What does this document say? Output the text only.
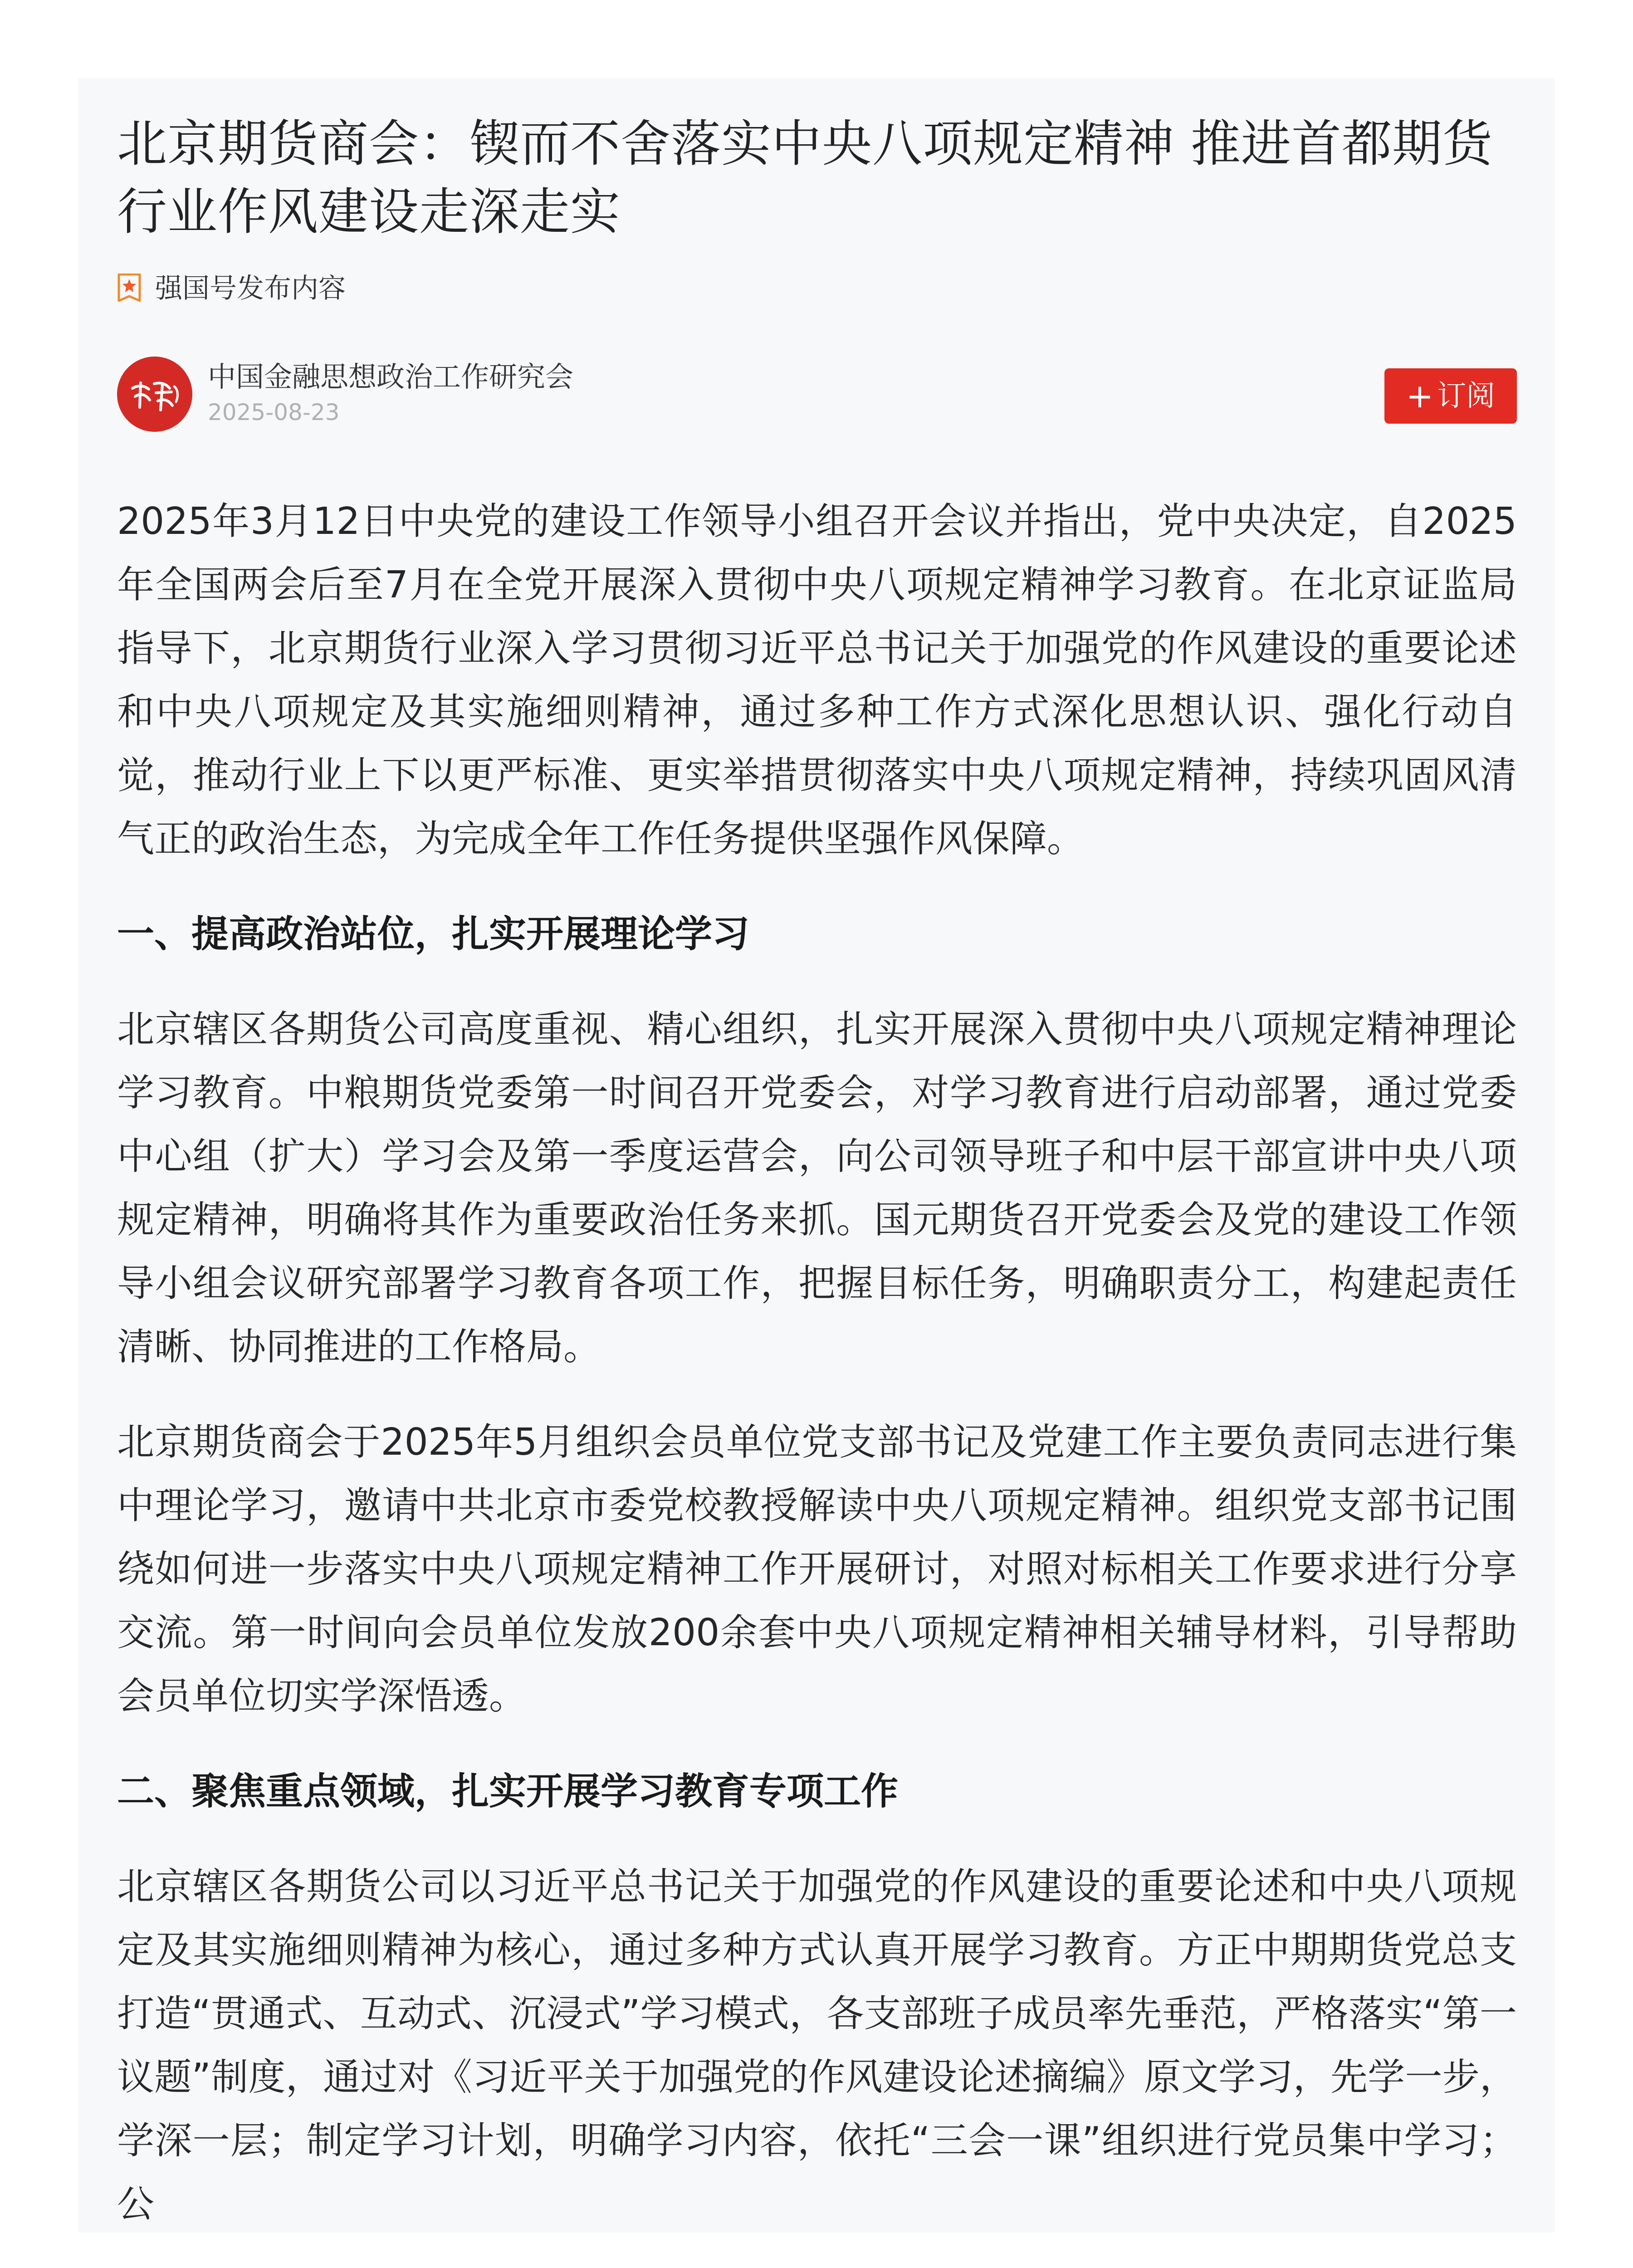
北京期货商会：锲而不舍落实中央八项规定精神 推进首都期货行业作风建设走深走实
强国号发布内容
中国金融思想政治工作研究会
2025-08-23	+ 订阅

2025年3月12日中央党的建设工作领导小组召开会议并指出，党中央决定，自2025年全国两会后至7月在全党开展深入贯彻中央八项规定精神学习教育。在北京证监局指导下，北京期货行业深入学习贯彻习近平总书记关于加强党的作风建设的重要论述和中央八项规定及其实施细则精神，通过多种工作方式深化思想认识、强化行动自觉，推动行业上下以更严标准、更实举措贯彻落实中央八项规定精神，持续巩固风清气正的政治生态，为完成全年工作任务提供坚强作风保障。

一、提高政治站位，扎实开展理论学习

北京辖区各期货公司高度重视、精心组织，扎实开展深入贯彻中央八项规定精神理论学习教育。中粮期货党委第一时间召开党委会，对学习教育进行启动部署，通过党委中心组（扩大）学习会及第一季度运营会，向公司领导班子和中层干部宣讲中央八项规定精神，明确将其作为重要政治任务来抓。国元期货召开党委会及党的建设工作领导小组会议研究部署学习教育各项工作，把握目标任务，明确职责分工，构建起责任清晰、协同推进的工作格局。

北京期货商会于2025年5月组织会员单位党支部书记及党建工作主要负责同志进行集中理论学习，邀请中共北京市委党校教授解读中央八项规定精神。组织党支部书记围绕如何进一步落实中央八项规定精神工作开展研讨，对照对标相关工作要求进行分享交流。第一时间向会员单位发放200余套中央八项规定精神相关辅导材料，引导帮助会员单位切实学深悟透。

二、聚焦重点领域，扎实开展学习教育专项工作

北京辖区各期货公司以习近平总书记关于加强党的作风建设的重要论述和中央八项规定及其实施细则精神为核心，通过多种方式认真开展学习教育。方正中期期货党总支打造“贯通式、互动式、沉浸式”学习模式，各支部班子成员率先垂范，严格落实“第一议题”制度，通过对《习近平关于加强党的作风建设论述摘编》原文学习，先学一步，学深一层；制定学习计划，明确学习内容，依托“三会一课”组织进行党员集中学习；公
